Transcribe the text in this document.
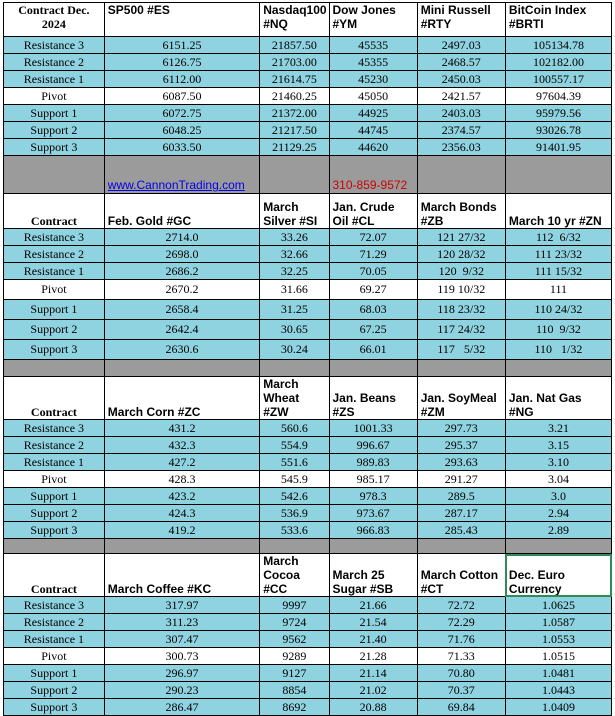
Contract Dec. 2024	SP500 #ES	Nasdaq100 #NQ	Dow Jones #YM	Mini Russell #RTY	BitCoin Index #BRTI
Resistance 3	6151.25	21857.50	45535	2497.03	105134.78
Resistance 2	6126.75	21703.00	45355	2468.57	102182.00
Resistance 1	6112.00	21614.75	45230	2450.03	100557.17
Pivot	6087.50	21460.25	45050	2421.57	97604.39
Support 1	6072.75	21372.00	44925	2403.03	95979.56
Support 2	6048.25	21217.50	44745	2374.57	93026.78
Support 3	6033.50	21129.25	44620	2356.03	91401.95
	www.CannonTrading.com		310-859-9572		
Contract	Feb. Gold #GC	March Silver #SI	Jan. Crude Oil #CL	March Bonds #ZB	March 10 yr #ZN
Resistance 3	2714.0	33.26	72.07	121 27/32	112  6/32
Resistance 2	2698.0	32.66	71.29	120 28/32	111 23/32
Resistance 1	2686.2	32.25	70.05	120  9/32	111 15/32
Pivot	2670.2	31.66	69.27	119 10/32	111
Support 1	2658.4	31.25	68.03	118 23/32	110 24/32
Support 2	2642.4	30.65	67.25	117 24/32	110  9/32
Support 3	2630.6	30.24	66.01	117   5/32	110   1/32

Contract	March Corn #ZC	March Wheat #ZW	Jan. Beans #ZS	Jan. SoyMeal #ZM	Jan. Nat Gas #NG
Resistance 3	431.2	560.6	1001.33	297.73	3.21
Resistance 2	432.3	554.9	996.67	295.37	3.15
Resistance 1	427.2	551.6	989.83	293.63	3.10
Pivot	428.3	545.9	985.17	291.27	3.04
Support 1	423.2	542.6	978.3	289.5	3.0
Support 2	424.3	536.9	973.67	287.17	2.94
Support 3	419.2	533.6	966.83	285.43	2.89

Contract	March Coffee #KC	March Cocoa #CC	March 25 Sugar #SB	March Cotton #CT	Dec. Euro Currency
Resistance 3	317.97	9997	21.66	72.72	1.0625
Resistance 2	311.23	9724	21.54	72.29	1.0587
Resistance 1	307.47	9562	21.40	71.76	1.0553
Pivot	300.73	9289	21.28	71.33	1.0515
Support 1	296.97	9127	21.14	70.80	1.0481
Support 2	290.23	8854	21.02	70.37	1.0443
Support 3	286.47	8692	20.88	69.84	1.0409
